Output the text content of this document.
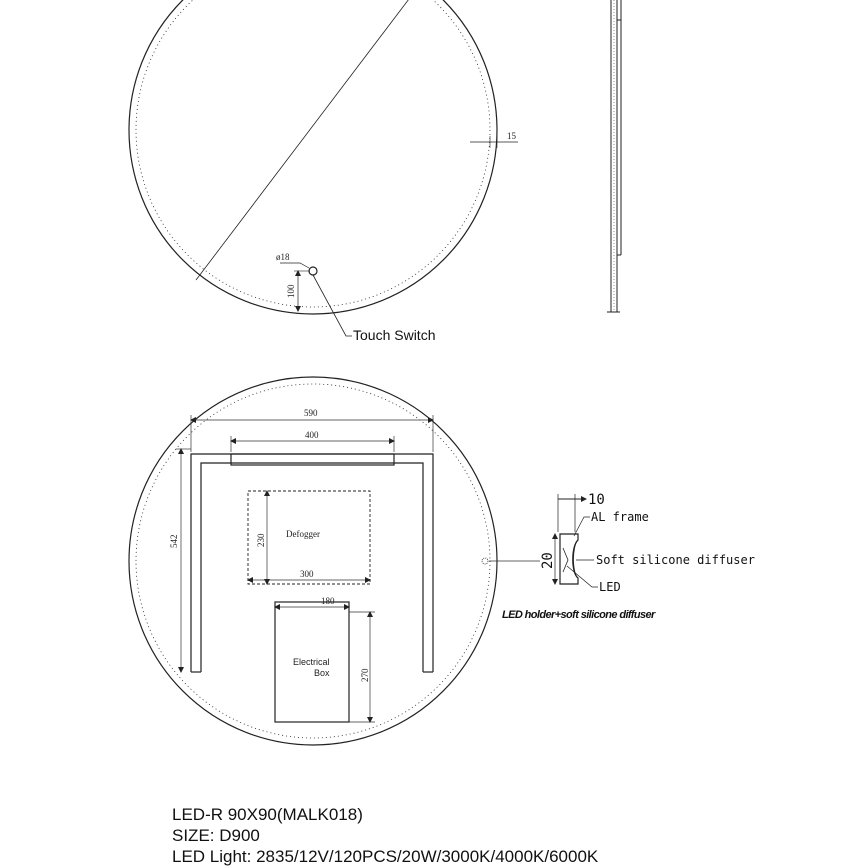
15
ø18
100
Touch Switch
590
400
542
Defogger
230
300
180
270
Electrical
Box
10
20
AL frame
Soft silicone diffuser
LED
LED holder+soft silicone diffuser
LED-R 90X90(MALK018)
SIZE: D900
LED Light: 2835/12V/120PCS/20W/3000K/4000K/6000K
